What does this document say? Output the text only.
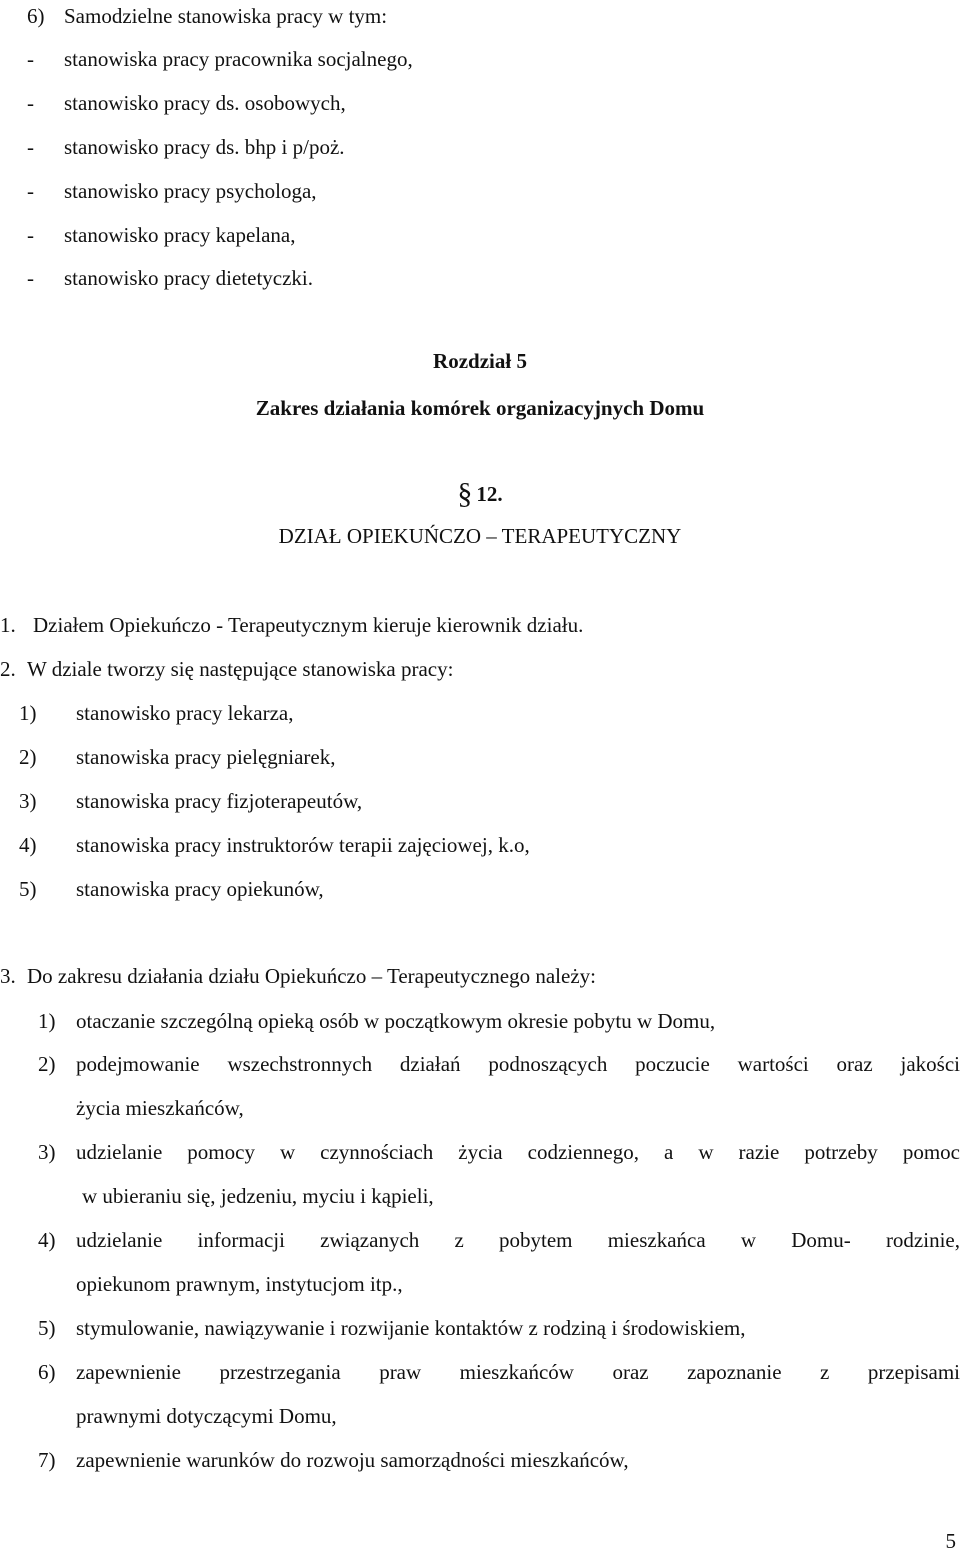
6) Samodzielne stanowiska pracy w tym:
- stanowiska pracy pracownika socjalnego,
- stanowisko pracy ds. osobowych,
- stanowisko pracy ds. bhp i p/poż.
- stanowisko pracy psychologa,
- stanowisko pracy kapelana,
- stanowisko pracy dietetyczki.
Rozdział 5
Zakres działania komórek organizacyjnych Domu
§ 12.
DZIAŁ OPIEKUŃCZO – TERAPEUTYCZNY
1. Działem Opiekuńczo - Terapeutycznym kieruje kierownik działu.
2. W dziale tworzy się następujące stanowiska pracy:
1) stanowisko pracy lekarza,
2) stanowiska pracy pielęgniarek,
3) stanowiska pracy fizjoterapeutów,
4) stanowiska pracy instruktorów terapii zajęciowej, k.o,
5) stanowiska pracy opiekunów,
3. Do zakresu działania działu Opiekuńczo – Terapeutycznego należy:
1) otaczanie szczególną opieką osób w początkowym okresie pobytu w Domu,
2) podejmowanie wszechstronnych działań podnoszących poczucie wartości oraz jakości
życia mieszkańców,
3) udzielanie pomocy w czynnościach życia codziennego, a w razie potrzeby pomoc
w ubieraniu się, jedzeniu, myciu i kąpieli,
4) udzielanie informacji związanych z pobytem mieszkańca w Domu- rodzinie,
opiekunom prawnym, instytucjom itp.,
5) stymulowanie, nawiązywanie i rozwijanie kontaktów z rodziną i środowiskiem,
6) zapewnienie przestrzegania praw mieszkańców oraz zapoznanie z przepisami
prawnymi dotyczącymi Domu,
7) zapewnienie warunków do rozwoju samorządności mieszkańców,
5
